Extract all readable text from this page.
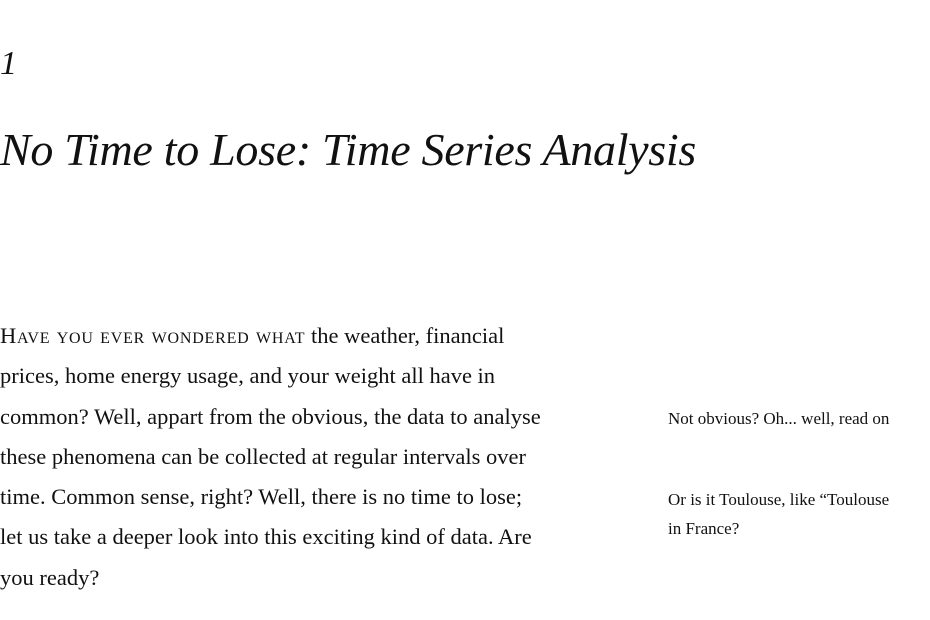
1
No Time to Lose: Time Series Analysis

Have you ever wondered what the weather, financial
prices, home energy usage, and your weight all have in
common? Well, appart from the obvious, the data to analyse
these phenomena can be collected at regular intervals over
time. Common sense, right? Well, there is no time to lose;
let us take a deeper look into this exciting kind of data. Are
you ready?

Not obvious? Oh... well, read on
Or is it Toulouse, like “Toulouse
in France?
